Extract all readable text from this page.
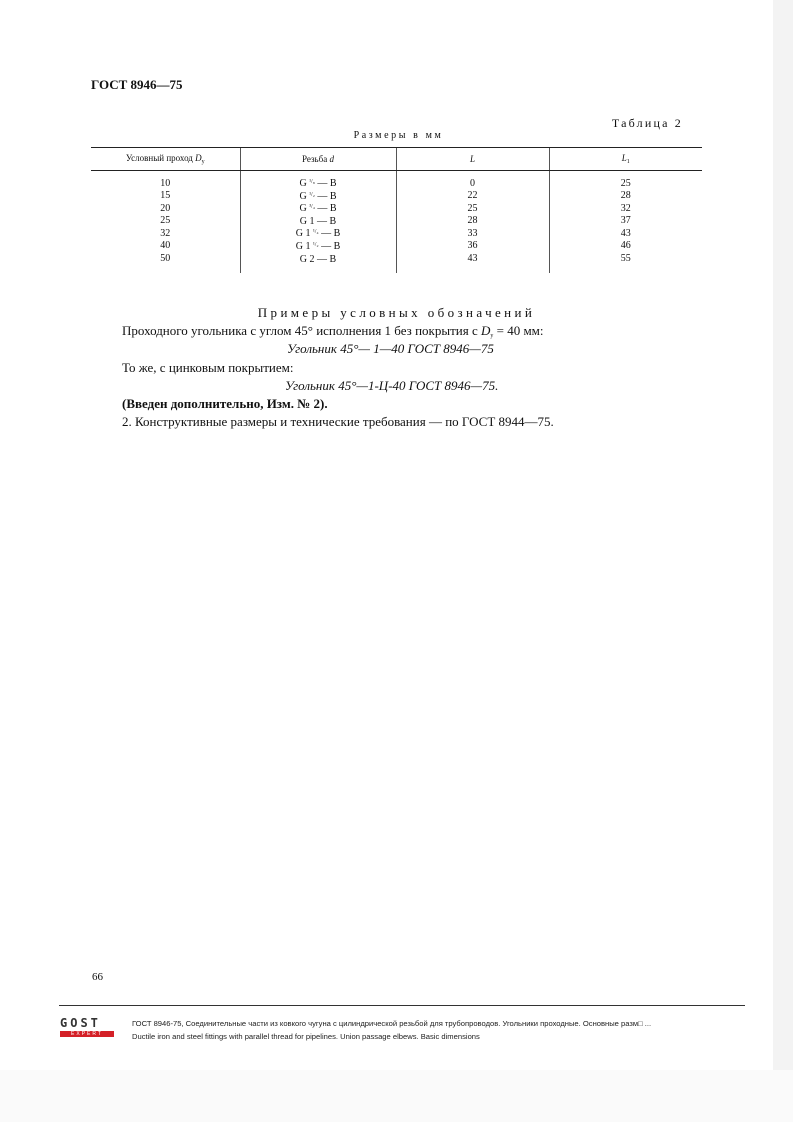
ГОСТ 8946—75
Таблица 2
Размеры в мм
Условный проход $D_у$	Резьба d	L	$L_1$
10	G $^{^1/_8}$ — B	0	25
15	G $^{^1/_2}$ — B	22	28
20	G $^{^3/_4}$ — B	25	32
25	G 1 — B	28	37
32	G 1 $^{^1/_4}$ — B	33	43
40	G 1 $^{^1/_2}$ — B	36	46
50	G 2 — B	43	55
Примеры условных обозначений
Проходного угольника с углом 45° исполнения 1 без покрытия с $D_у = 40$ мм:
Угольник 45°— 1—40 ГОСТ 8946—75
То же, с цинковым покрытием:
Угольник 45°—1-Ц-40 ГОСТ 8946—75.
(Введен дополнительно, Изм. № 2).
2. Конструктивные размеры и технические требования — по ГОСТ 8944—75.
66
GOST
EXPERT
ГОСТ 8946-75, Соединительные части из ковкого чугуна с цилиндрической резьбой для трубопроводов. Угольники проходные. Основные разм□ ...
Ductile iron and steel fittings with parallel thread for pipelines. Union passage elbews. Basic dimensions
